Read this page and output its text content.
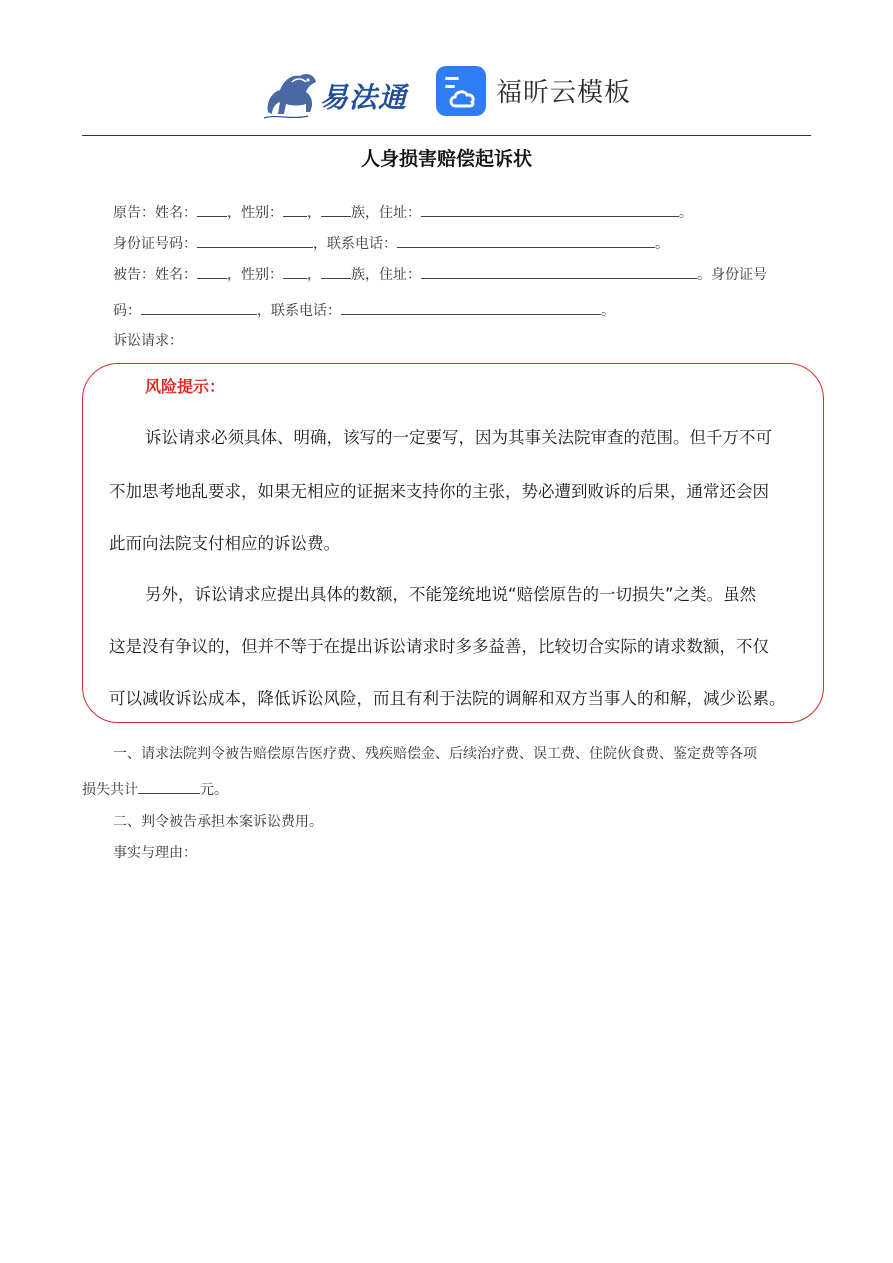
易法通	福昕云模板
人身损害赔偿起诉状
原告：姓名： ，性别： ， 族，住址：	。
身份证号码：	，联系电话：	。
被告：姓名： ，性别： ， 族，住址：	。身份证号
码：	，联系电话：	。
诉讼请求：
风险提示：
诉讼请求必须具体、明确，该写的一定要写，因为其事关法院审查的范围。但千万不可
不加思考地乱要求，如果无相应的证据来支持你的主张，势必遭到败诉的后果，通常还会因
此而向法院支付相应的诉讼费。
另外，诉讼请求应提出具体的数额，不能笼统地说“赔偿原告的一切损失”之类。虽然
这是没有争议的，但并不等于在提出诉讼请求时多多益善，比较切合实际的请求数额，不仅
可以减收诉讼成本，降低诉讼风险，而且有利于法院的调解和双方当事人的和解，减少讼累。
一、请求法院判令被告赔偿原告医疗费、残疾赔偿金、后续治疗费、误工费、住院伙食费、鉴定费等各项
损失共计	元。
二、判令被告承担本案诉讼费用。
事实与理由：
